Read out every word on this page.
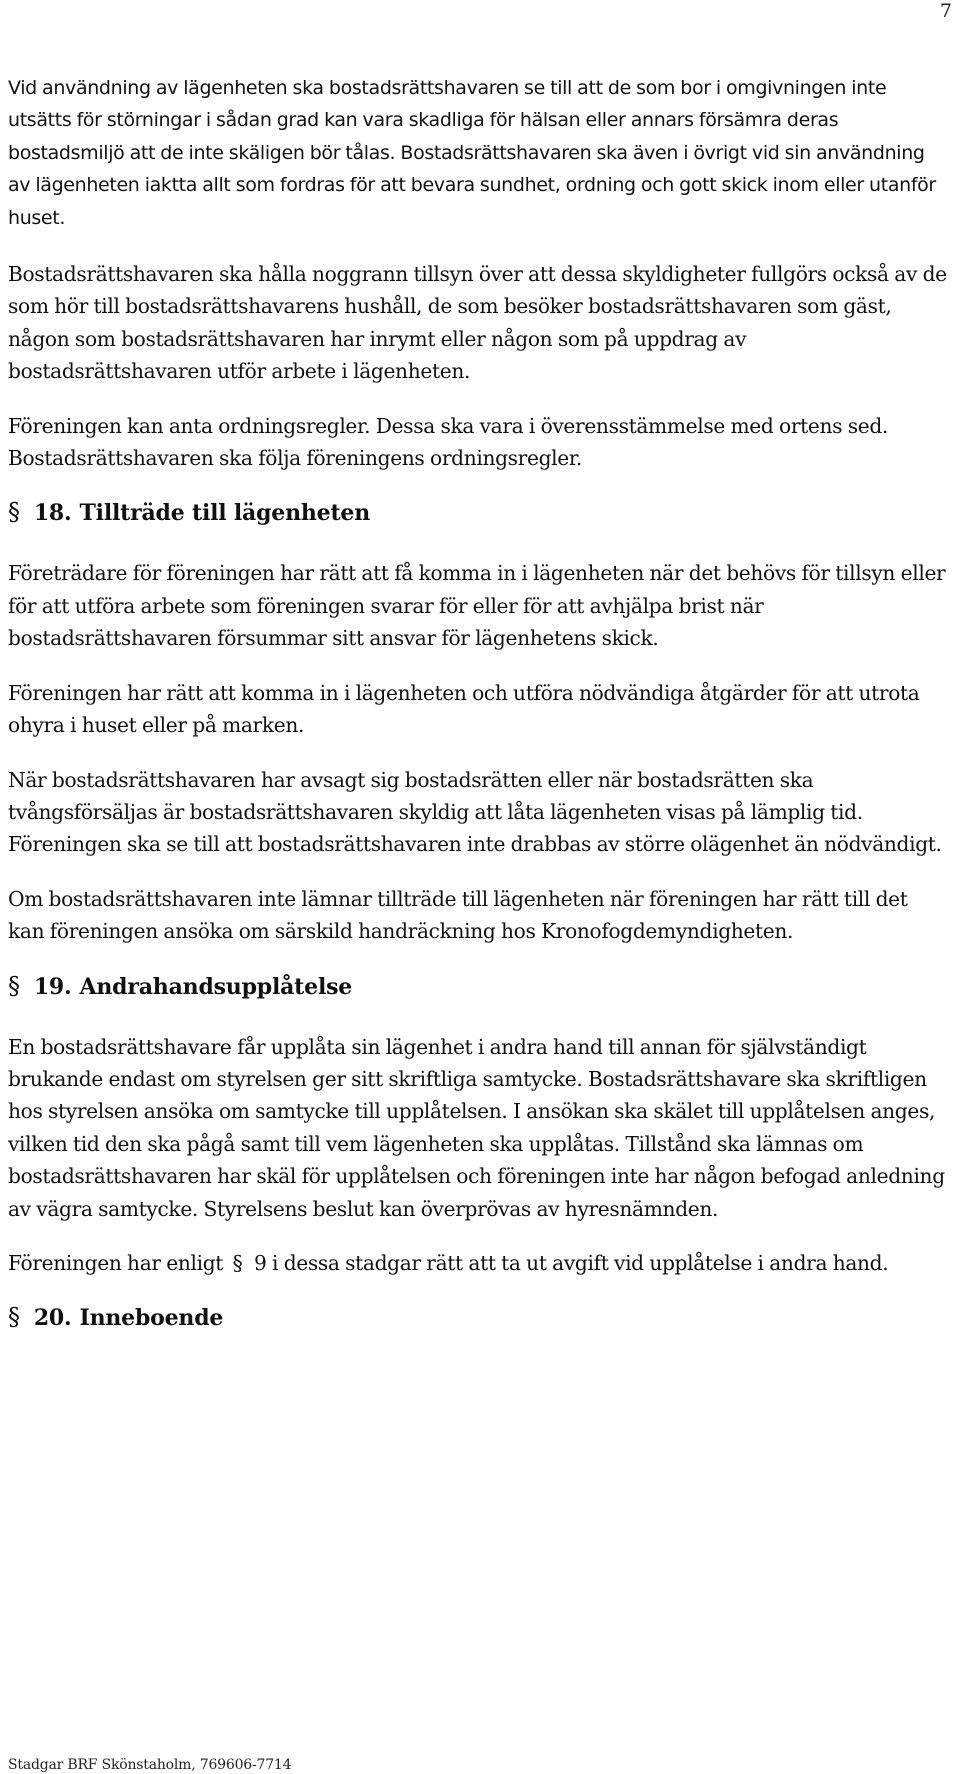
7

Vid användning av lägenheten ska bostadsrättshavaren se till att de som bor i omgivningen inte utsätts för störningar i sådan grad kan vara skadliga för hälsan eller annars försämra deras bostadsmiljö att de inte skäligen bör tålas. Bostadsrättshavaren ska även i övrigt vid sin användning av lägenheten iaktta allt som fordras för att bevara sundhet, ordning och gott skick inom eller utanför huset.

Bostadsrättshavaren ska hålla noggrann tillsyn över att dessa skyldigheter fullgörs också av de som hör till bostadsrättshavarens hushåll, de som besöker bostadsrättshavaren som gäst, någon som bostadsrättshavaren har inrymt eller någon som på uppdrag av bostadsrättshavaren utför arbete i lägenheten.

Föreningen kan anta ordningsregler. Dessa ska vara i överensstämmelse med ortens sed. Bostadsrättshavaren ska följa föreningens ordningsregler.

§ 18. Tillträde till lägenheten

Företrädare för föreningen har rätt att få komma in i lägenheten när det behövs för tillsyn eller för att utföra arbete som föreningen svarar för eller för att avhjälpa brist när bostadsrättshavaren försummar sitt ansvar för lägenhetens skick.

Föreningen har rätt att komma in i lägenheten och utföra nödvändiga åtgärder för att utrota ohyra i huset eller på marken.

När bostadsrättshavaren har avsagt sig bostadsrätten eller när bostadsrätten ska tvångsförsäljas är bostadsrättshavaren skyldig att låta lägenheten visas på lämplig tid. Föreningen ska se till att bostadsrättshavaren inte drabbas av större olägenhet än nödvändigt.

Om bostadsrättshavaren inte lämnar tillträde till lägenheten när föreningen har rätt till det kan föreningen ansöka om särskild handräckning hos Kronofogdemyndigheten.

§ 19. Andrahandsupplåtelse

En bostadsrättshavare får upplåta sin lägenhet i andra hand till annan för självständigt brukande endast om styrelsen ger sitt skriftliga samtycke. Bostadsrättshavare ska skriftligen hos styrelsen ansöka om samtycke till upplåtelsen. I ansökan ska skälet till upplåtelsen anges, vilken tid den ska pågå samt till vem lägenheten ska upplåtas. Tillstånd ska lämnas om bostadsrättshavaren har skäl för upplåtelsen och föreningen inte har någon befogad anledning av vägra samtycke. Styrelsens beslut kan överprövas av hyresnämnden.

Föreningen har enligt § 9 i dessa stadgar rätt att ta ut avgift vid upplåtelse i andra hand.

§ 20. Inneboende
Stadgar BRF Skönstaholm, 769606-7714
